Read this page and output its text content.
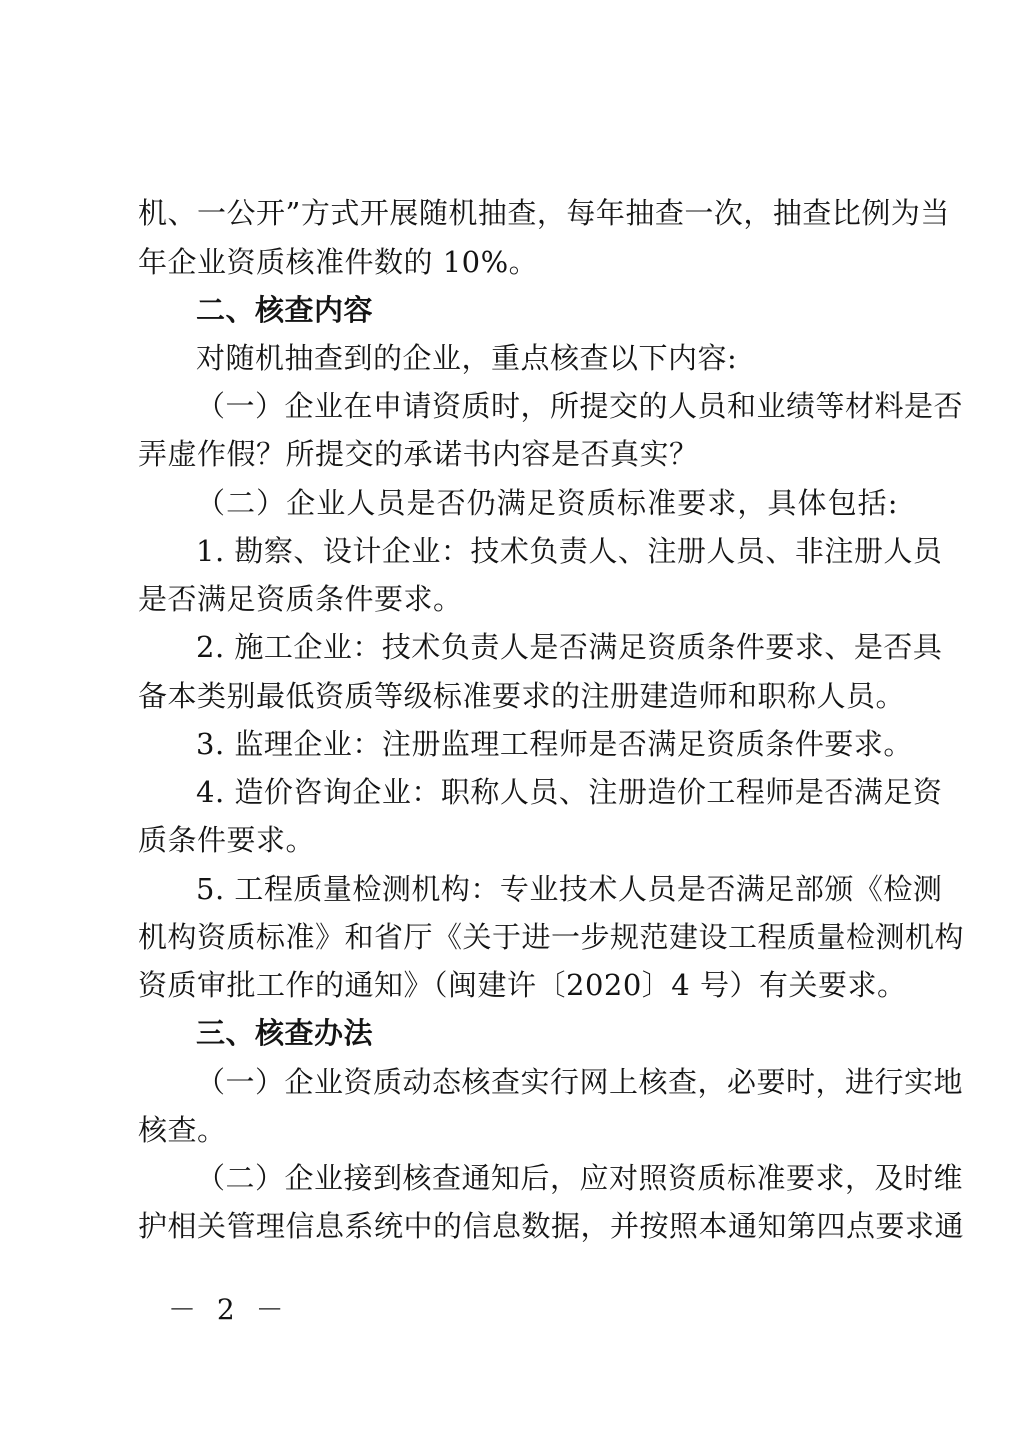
机、一公开”方式开展随机抽查，每年抽查一次，抽查比例为当
年企业资质核准件数的 10%。
二、核查内容
对随机抽查到的企业，重点核查以下内容:
（一）企业在申请资质时，所提交的人员和业绩等材料是否
弄虚作假？所提交的承诺书内容是否真实？
（二）企业人员是否仍满足资质标准要求，具体包括:
1. 勘察、设计企业：技术负责人、注册人员、非注册人员
是否满足资质条件要求。
2. 施工企业：技术负责人是否满足资质条件要求、是否具
备本类别最低资质等级标准要求的注册建造师和职称人员。
3. 监理企业：注册监理工程师是否满足资质条件要求。
4. 造价咨询企业：职称人员、注册造价工程师是否满足资
质条件要求。
5. 工程质量检测机构：专业技术人员是否满足部颁《检测
机构资质标准》和省厅《关于进一步规范建设工程质量检测机构
资质审批工作的通知》（闽建许〔2020〕4 号）有关要求。
三、核查办法
（一）企业资质动态核查实行网上核查，必要时，进行实地
核查。
（二）企业接到核查通知后，应对照资质标准要求，及时维
护相关管理信息系统中的信息数据，并按照本通知第四点要求通
－ 2 －
